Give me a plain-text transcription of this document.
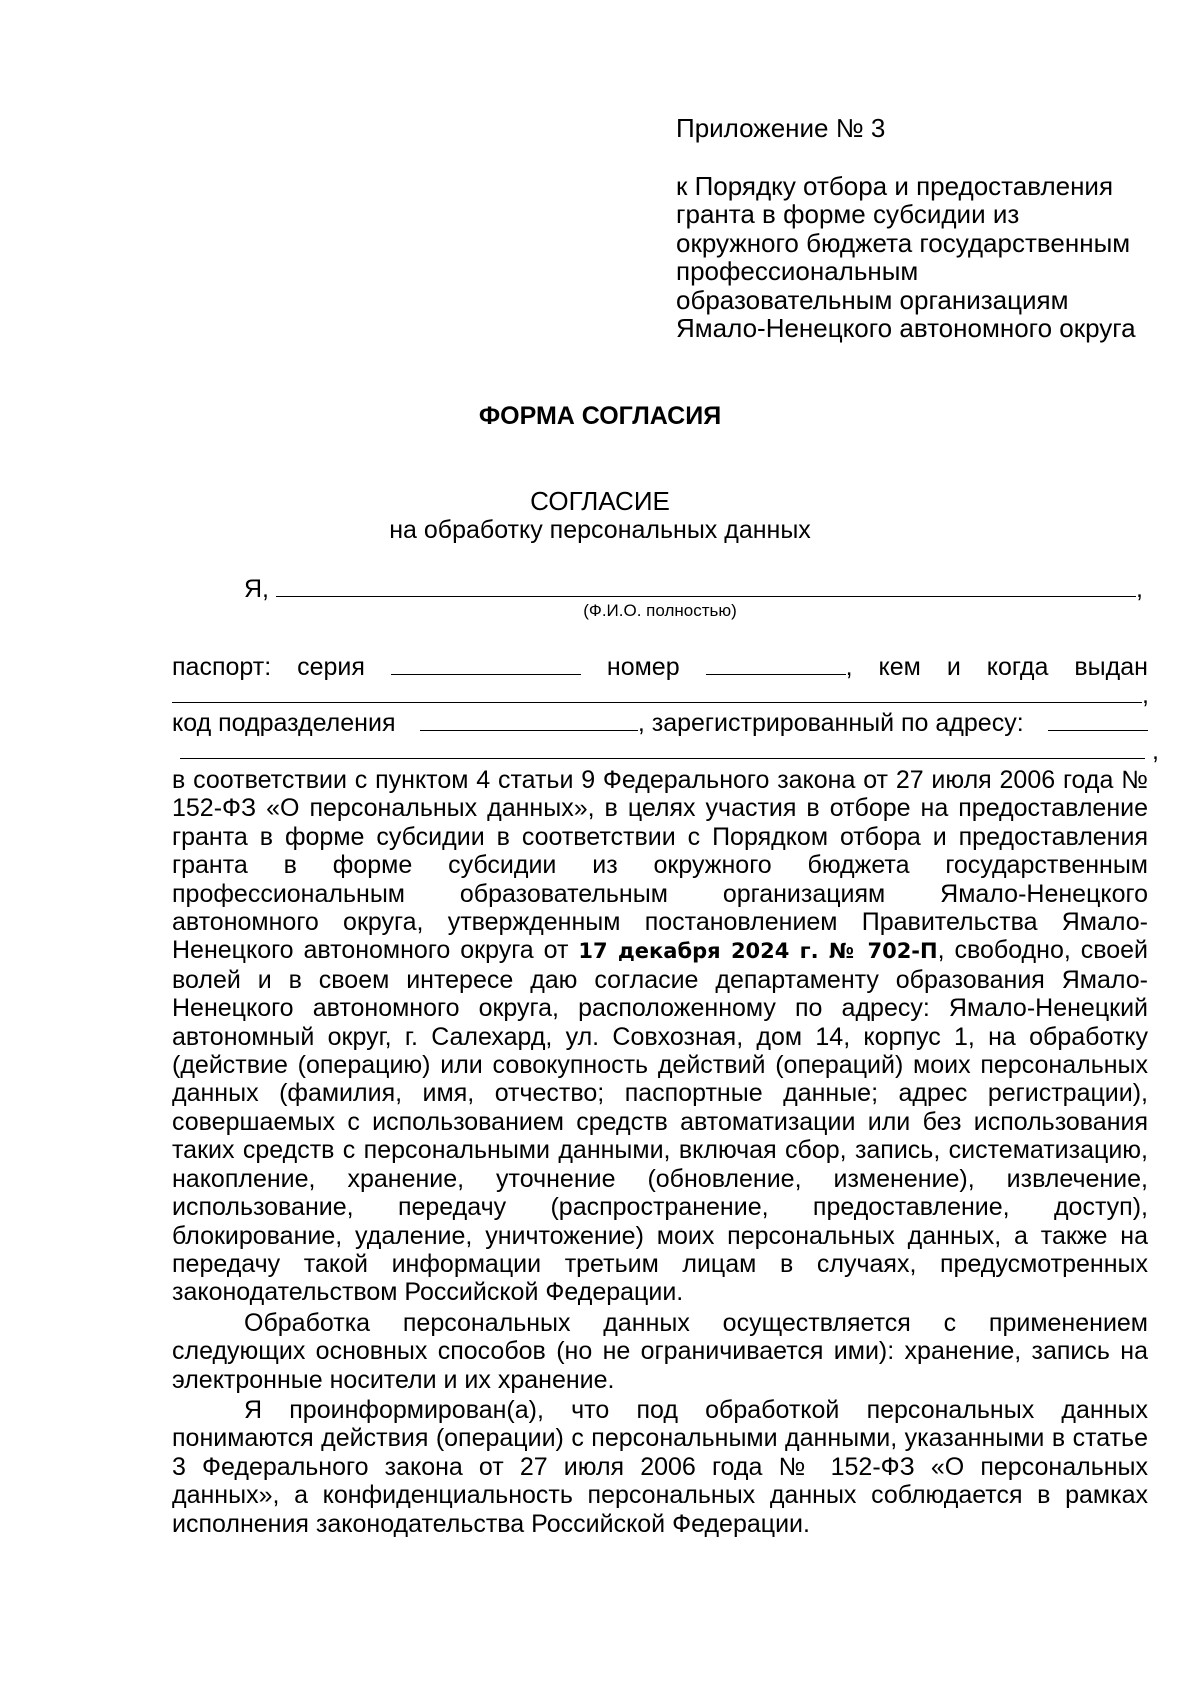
Приложение № 3
к Порядку отбора и предоставления
гранта в форме субсидии из
окружного бюджета государственным
профессиональным
образовательным организациям
Ямало-Ненецкого автономного округа
ФОРМА СОГЛАСИЯ
СОГЛАСИЕ
на обработку персональных данных
Я,	,
(Ф.И.О. полностью)
паспорт: серия	номер	, кем и когда выдан
,
код подразделения	, зарегистрированный по адресу:
,

в соответствии с пунктом 4 статьи 9 Федерального закона от 27 июля 2006 года № 152-ФЗ «О персональных данных», в целях участия в отборе на предоставление гранта в форме субсидии в соответствии с Порядком отбора и предоставления гранта в форме субсидии из окружного бюджета государственным профессиональным образовательным организациям Ямало-Ненецкого автономного округа, утвержденным постановлением Правительства Ямало-Ненецкого автономного округа от 17 декабря 2024 г. № 702-П, свободно, своей волей и в своем интересе даю согласие департаменту образования Ямало-Ненецкого автономного округа, расположенному по адресу: Ямало-Ненецкий автономный округ, г. Салехард, ул. Совхозная, дом 14, корпус 1, на обработку (действие (операцию) или совокупность действий (операций) моих персональных данных (фамилия, имя, отчество; паспортные данные; адрес регистрации), совершаемых с использованием средств автоматизации или без использования таких средств с персональными данными, включая сбор, запись, систематизацию, накопление, хранение, уточнение (обновление, изменение), извлечение, использование, передачу (распространение, предоставление, доступ), блокирование, удаление, уничтожение) моих персональных данных, а также на передачу такой информации третьим лицам в случаях, предусмотренных законодательством Российской Федерации.

Обработка персональных данных осуществляется с применением следующих основных способов (но не ограничивается ими): хранение, запись на электронные носители и их хранение.

Я проинформирован(а), что под обработкой персональных данных понимаются действия (операции) с персональными данными, указанными в статье 3 Федерального закона от 27 июля 2006 года № 152-ФЗ «О персональных данных», а конфиденциальность персональных данных соблюдается в рамках исполнения законодательства Российской Федерации.
